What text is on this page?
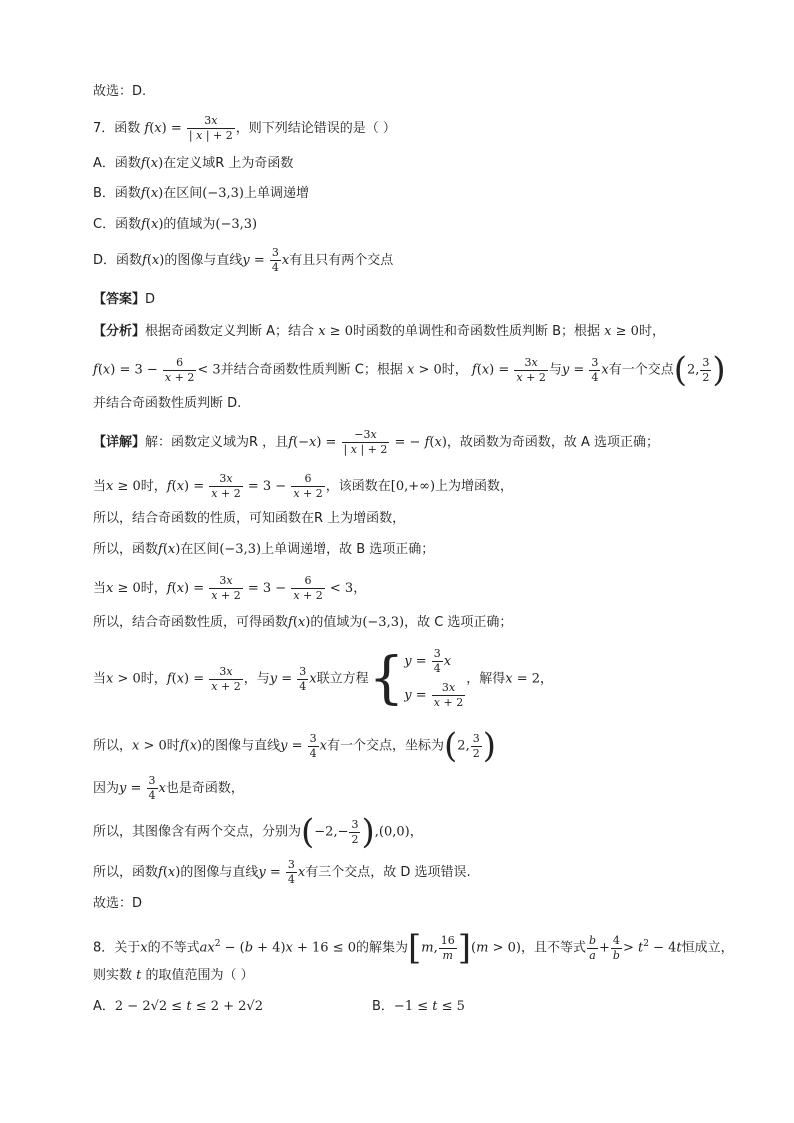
故选：D.
7．函数 $f(x) = \frac{3x}{| x | + 2}$ ，则下列结论错误的是（ ）
A．函数f(x)在定义域R 上为奇函数
B．函数f(x)在区间(−3,3)上单调递增
C．函数f(x)的值域为(−3,3)
D．函数f(x)的图像与直线$y = \frac{3}{4}$ x有且只有两个交点
【答案】D
【分析】根据奇函数定义判断 A；结合 x ≥ 0时函数的单调性和奇函数性质判断 B；根据 x ≥ 0时，
$f(x) = 3 - \frac{6}{x + 2} < 3$并结合奇函数性质判断 C；根据 x > 0时， $f(x) = \frac{3x}{x + 2}$ 与$y = \frac{3}{4}$ x有一个交点(2, $\frac{3}{2}$ )
并结合奇函数性质判断 D.
【详解】解：函数定义域为R ，且$f(-x) = \frac{-3x}{| x | + 2}$ = − f(x)，故函数为奇函数，故 A 选项正确；
当x ≥ 0时，$f(x) = \frac{3x}{x + 2} = 3 - \frac{6}{x + 2}$ ，该函数在[0,+∞)上为增函数，
所以，结合奇函数的性质，可知函数在R 上为增函数，
所以，函数f(x)在区间(−3,3)上单调递增，故 B 选项正确；
当x ≥ 0时，$f(x) = \frac{3x}{x + 2} = 3 - \frac{6}{x + 2} < 3$，
所以，结合奇函数性质，可得函数f(x)的值域为(−3,3)，故 C 选项正确；
当x > 0时，$f(x) = \frac{3x}{x + 2}$ ，与$y = \frac{3}{4}$ x联立方程{ $y = \frac{3}{4}$ x
$y = \frac{3x}{x + 2}$
，解得x = 2，
所以，x > 0时f(x)的图像与直线$y = \frac{3}{4}$ x有一个交点，坐标为(2, $\frac{3}{2}$ )
因为$y = \frac{3}{4}$ x也是奇函数，
所以，其图像含有两个交点，分别为$(-2,- \frac{3}{2} ),(0,0)$，
所以，函数f(x)的图像与直线$y = \frac{3}{4}$ x有三个交点，故 D 选项错误.
故选：D
8．关于x的不等式$ax^2 - (b + 4)x + 16 \le 0$的解集为[m, $\frac{16}{m} ](m > 0)$，且不等式 $\frac{b}{a} + \frac{4}{b} > t^2 - 4t$恒成立，
则实数 t 的取值范围为（ ）
A．2 − 2√2 ≤ t ≤ 2 + 2√2	B．−1 ≤ t ≤ 5
